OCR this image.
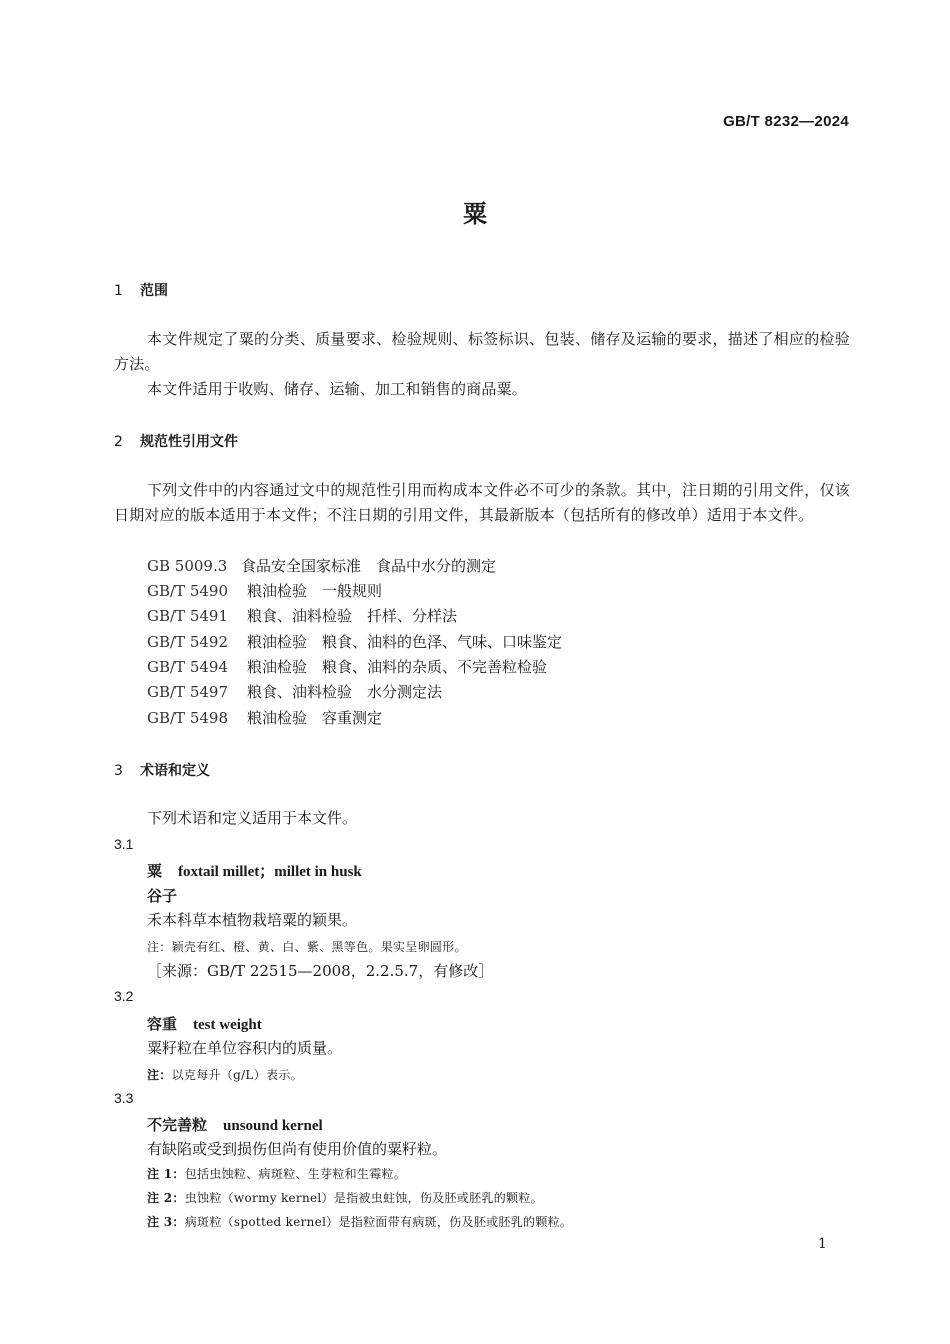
GB/T 8232—2024
粟
1 范围
本文件规定了粟的分类、质量要求、检验规则、标签标识、包装、储存及运输的要求，描述了相应的检验方法。
本文件适用于收购、储存、运输、加工和销售的商品粟。
2 规范性引用文件
下列文件中的内容通过文中的规范性引用而构成本文件必不可少的条款。其中，注日期的引用文件，仅该日期对应的版本适用于本文件；不注日期的引用文件，其最新版本（包括所有的修改单）适用于本文件。
GB 5009.3 食品安全国家标准　食品中水分的测定
GB/T 5490 粮油检验　一般规则
GB/T 5491 粮食、油料检验　扦样、分样法
GB/T 5492 粮油检验　粮食、油料的色泽、气味、口味鉴定
GB/T 5494 粮油检验　粮食、油料的杂质、不完善粒检验
GB/T 5497 粮食、油料检验　水分测定法
GB/T 5498 粮油检验　容重测定
3 术语和定义
下列术语和定义适用于本文件。
3.1
粟 foxtail millet；millet in husk
谷子
禾本科草本植物栽培粟的颖果。
注：颖壳有红、橙、黄、白、紫、黑等色。果实呈卵圆形。
［来源：GB/T 22515—2008，2.2.5.7，有修改］
3.2
容重 test weight
粟籽粒在单位容积内的质量。
注：以克每升（g/L）表示。
3.3
不完善粒 unsound kernel
有缺陷或受到损伤但尚有使用价值的粟籽粒。
注 1：包括虫蚀粒、病斑粒、生芽粒和生霉粒。
注 2：虫蚀粒（wormy kernel）是指被虫蛀蚀，伤及胚或胚乳的颗粒。
注 3：病斑粒（spotted kernel）是指粒面带有病斑，伤及胚或胚乳的颗粒。
1
